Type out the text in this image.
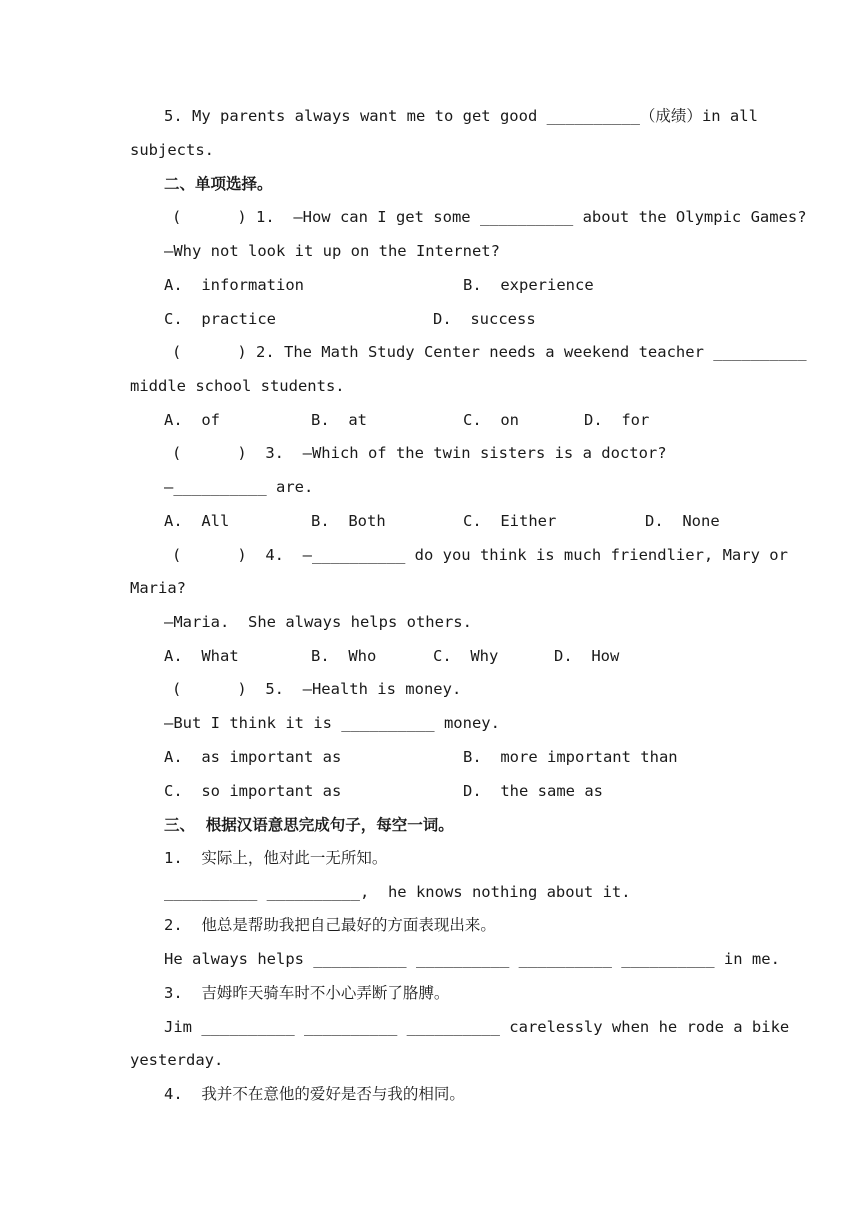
5. My parents always want me to get good __________ （成绩） in all
subjects.
二、单项选择。
(      ) 1.  —How can I get some __________ about the Olympic Games?
—Why not look it up on the Internet?
A.  information	B.  experience
C.  practice	D.  success
(      ) 2. The Math Study Center needs a weekend teacher __________
middle school students.
A.  of	B.  at	C.  on	D.  for
(      )  3.  —Which of the twin sisters is a doctor?
—__________ are.
A.  All	B.  Both	C.  Either	D.  None
(      )  4.  —__________ do you think is much friendlier, Mary or
Maria?
—Maria.  She always helps others.
A.  What	B.  Who	C.  Why	D.  How
(      )  5.  —Health is money.
—But I think it is __________ money.
A.  as important as	B.  more important than
C.  so important as	D.  the same as
三、  根据汉语意思完成句子，每空一词。
1.  实际上，他对此一无所知。
__________ __________,  he knows nothing about it.
2.  他总是帮助我把自己最好的方面表现出来。
He always helps __________ __________ __________ __________ in me.
3.  吉姆昨天骑车时不小心弄断了胳膊。
Jim __________ __________ __________ carelessly when he rode a bike
yesterday.
4.  我并不在意他的爱好是否与我的相同。
